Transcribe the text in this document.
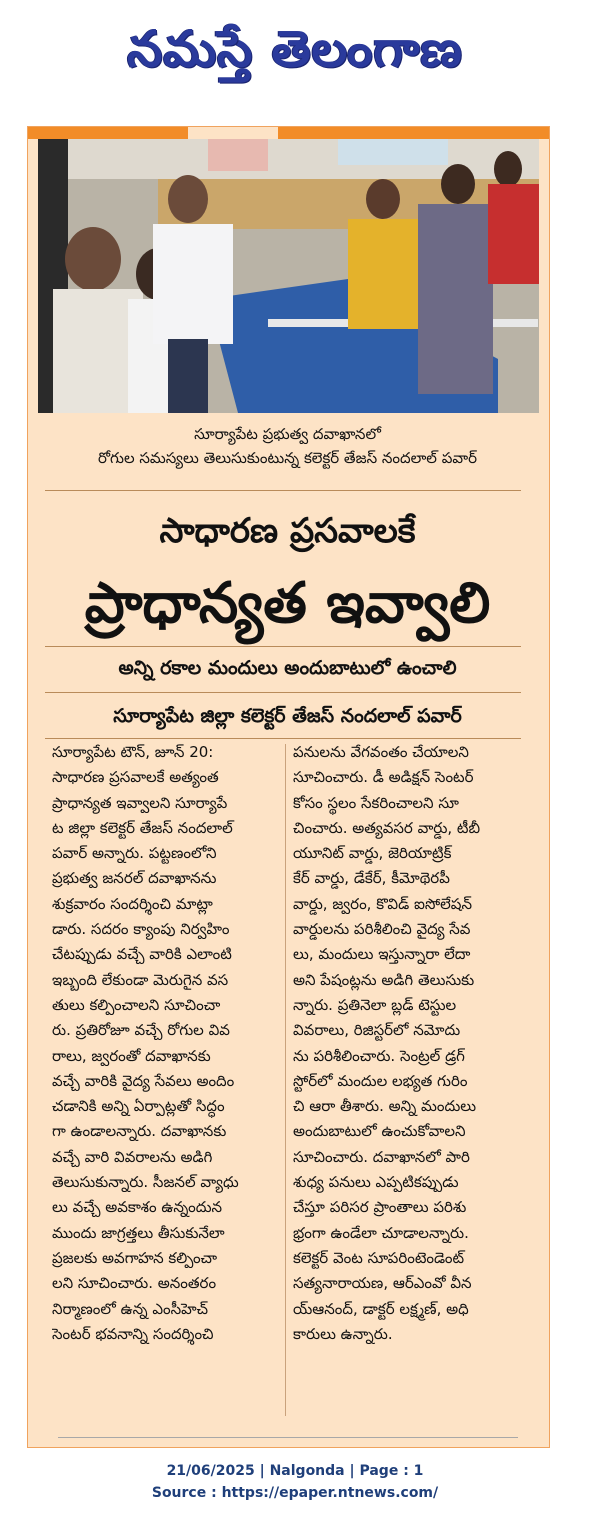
నమస్తే తెలంగాణ
సూర్యాపేట ప్రభుత్వ దవాఖానలో
రోగుల సమస్యలు తెలుసుకుంటున్న కలెక్టర్‌ తేజస్‌ నందలాల్‌ పవార్‌
సాధారణ ప్రసవాలకే
ప్రాధాన్యత ఇవ్వాలి
అన్ని రకాల మందులు అందుబాటులో ఉంచాలి
సూర్యాపేట జిల్లా కలెక్టర్‌ తేజస్‌ నందలాల్‌ పవార్‌
సూర్యాపేట టౌన్‌, జూన్‌ 20:
సాధారణ ప్రసవాలకే అత్యంత
ప్రాధాన్యత ఇవ్వాలని సూర్యాపే
ట జిల్లా కలెక్టర్‌ తేజస్‌ నందలాల్‌
పవార్‌ అన్నారు. పట్టణంలోని
ప్రభుత్వ జనరల్‌ దవాఖానను
శుక్రవారం సందర్శించి మాట్లా
డారు. సదరం క్యాంపు నిర్వహిం
చేటప్పుడు వచ్చే వారికి ఎలాంటి
ఇబ్బంది లేకుండా మెరుగైన వస
తులు కల్పించాలని సూచించా
రు. ప్రతిరోజూ వచ్చే రోగుల వివ
రాలు, జ్వరంతో దవాఖానకు
వచ్చే వారికి వైద్య సేవలు అందిం
చడానికి అన్ని ఏర్పాట్లతో సిద్ధం
గా ఉండాలన్నారు. దవాఖానకు
వచ్చే వారి వివరాలను అడిగి
తెలుసుకున్నారు. సీజనల్‌ వ్యాధు
లు వచ్చే అవకాశం ఉన్నందున
ముందు జాగ్రత్తలు తీసుకునేలా
ప్రజలకు అవగాహన కల్పించా
లని సూచించారు. అనంతరం
నిర్మాణంలో ఉన్న ఎంసీహెచ్‌
సెంటర్‌ భవనాన్ని సందర్శించి
పనులను వేగవంతం చేయాలని
సూచించారు. డీ అడిక్షన్‌ సెంటర్‌
కోసం స్థలం సేకరించాలని సూ
చించారు. అత్యవసర వార్డు, టీబీ
యూనిట్‌ వార్డు, జెరియాట్రిక్‌
కేర్‌ వార్డు, డేకేర్‌, కీమోథెరపీ
వార్డు, జ్వరం, కొవిడ్‌ ఐసోలేషన్‌
వార్డులను పరిశీలించి వైద్య సేవ
లు, మందులు ఇస్తున్నారా లేదా
అని పేషంట్లను అడిగి తెలుసుకు
న్నారు. ప్రతినెలా బ్లడ్‌ టెస్టుల
వివరాలు, రిజిస్టర్‌లో నమోదు
ను పరిశీలించారు. సెంట్రల్‌ డ్రగ్‌
స్టోర్‌లో మందుల లభ్యత గురిం
చి ఆరా తీశారు. అన్ని మందులు
అందుబాటులో ఉంచుకోవాలని
సూచించారు. దవాఖానలో పారి
శుధ్య పనులు ఎప్పటికప్పుడు
చేస్తూ పరిసర ప్రాంతాలు పరిశు
భ్రంగా ఉండేలా చూడాలన్నారు.
కలెక్టర్‌ వెంట సూపరింటెండెంట్‌
సత్యనారాయణ, ఆర్‌ఎంవో వీన
య్‌ఆనంద్‌, డాక్టర్‌ లక్ష్మణ్‌, అధి
కారులు ఉన్నారు.
21/06/2025 | Nalgonda | Page : 1
Source : https://epaper.ntnews.com/
